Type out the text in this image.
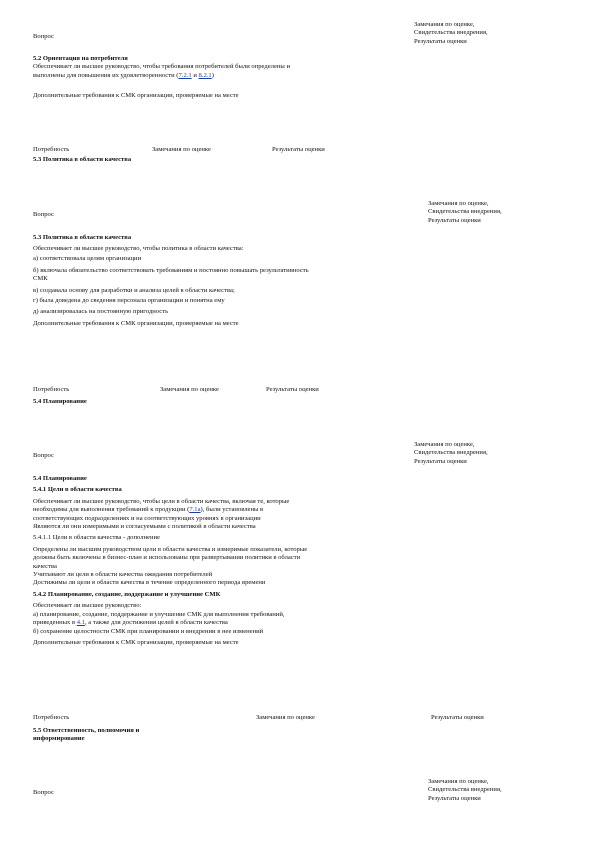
Замечания по оценке,
Свидетельства внедрения,
Результаты оценки
Вопрос
5.2 Ориентация на потребителя
Обеспечивает ли высшее руководство, чтобы требования потребителей были определены и
выполнены для повышения их удовлетворенности (7.2.1 и 8.2.1)
Дополнительные требования к СМК организации, проверяемые на месте
Потребность	Замечания по оценке	Результаты оценки
5.3 Политика в области качества
Замечания по оценке,
Свидетельства внедрения,
Результаты оценки
Вопрос
5.3 Политика в области качества
Обеспечивает ли высшее руководство, чтобы политика в области качества:
а) соответствовала целям организации
б) включала обязательство соответствовать требованиям и постоянно повышать результативность
СМК
в) создавала основу для разработки и анализа целей в области качества;
г) была доведена до сведения персонала организации и понятна ему
д) анализировалась на постоянную пригодность
Дополнительные требования к СМК организации, проверяемые на месте
Потребность	Замечания по оценке	Результаты оценки
5.4 Планирование
Замечания по оценке,
Свидетельства внедрения,
Результаты оценки
Вопрос
5.4 Планирование
5.4.1 Цели в области качества
Обеспечивает ли высшее руководство, чтобы цели в области качества, включая те, которые
необходимы для выполнения требований к продукции (7.1а), были установлены в
соответствующих подразделениях и на соответствующих уровнях в организации
Являются ли они измеримыми и согласуемыми с политикой в области качества
5.4.1.1 Цели в области качества - дополнение
Определены ли высшим руководством цели в области качества и измеримые показатели, которые
должны быть включены в бизнес-план и использованы при развертывании политики в области
качества
Учитывают ли цели в области качества ожидания потребителей
Достижимы ли цели в области качества в течение определенного периода времени
5.4.2 Планирование, создание, поддержание и улучшение СМК
Обеспечивает ли высшее руководство:
а) планирование, создание, поддержание и улучшение СМК для выполнения требований,
приведенных в 4.1, а также для достижения целей в области качества
б) сохранение целостности СМК при планировании и внедрении в нее изменений
Дополнительные требования к СМК организации, проверяемые на месте
Потребность	Замечания по оценке	Результаты оценки
5.5 Ответственность, полномочия и
информирование
Замечания по оценке,
Свидетельства внедрения,
Результаты оценки
Вопрос
